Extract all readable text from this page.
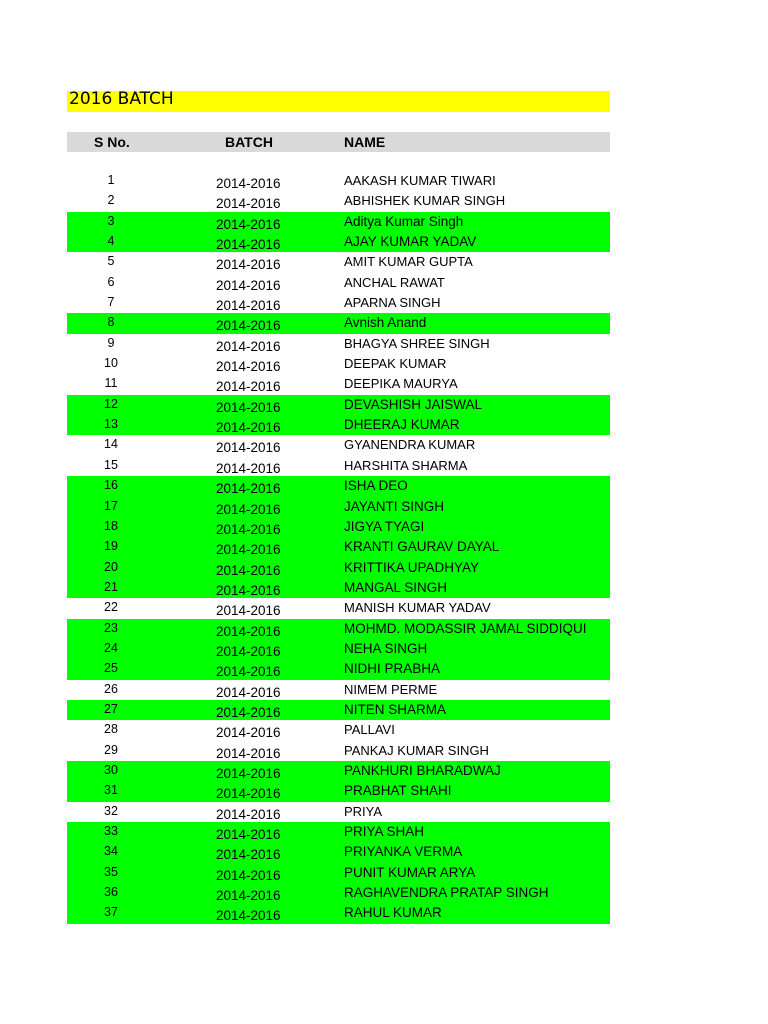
2016 BATCH
S No.	BATCH	NAME
1	2014-2016	AAKASH KUMAR TIWARI
2	2014-2016	ABHISHEK KUMAR SINGH
3	2014-2016	Aditya Kumar Singh
4	2014-2016	AJAY KUMAR YADAV
5	2014-2016	AMIT KUMAR GUPTA
6	2014-2016	ANCHAL RAWAT
7	2014-2016	APARNA SINGH
8	2014-2016	Avnish Anand
9	2014-2016	BHAGYA SHREE SINGH
10	2014-2016	DEEPAK KUMAR
11	2014-2016	DEEPIKA MAURYA
12	2014-2016	DEVASHISH JAISWAL
13	2014-2016	DHEERAJ KUMAR
14	2014-2016	GYANENDRA KUMAR
15	2014-2016	HARSHITA SHARMA
16	2014-2016	ISHA DEO
17	2014-2016	JAYANTI SINGH
18	2014-2016	JIGYA TYAGI
19	2014-2016	KRANTI GAURAV DAYAL
20	2014-2016	KRITTIKA UPADHYAY
21	2014-2016	MANGAL SINGH
22	2014-2016	MANISH KUMAR YADAV
23	2014-2016	MOHMD. MODASSIR JAMAL SIDDIQUI
24	2014-2016	NEHA SINGH
25	2014-2016	NIDHI PRABHA
26	2014-2016	NIMEM PERME
27	2014-2016	NITEN SHARMA
28	2014-2016	PALLAVI
29	2014-2016	PANKAJ KUMAR SINGH
30	2014-2016	PANKHURI BHARADWAJ
31	2014-2016	PRABHAT SHAHI
32	2014-2016	PRIYA
33	2014-2016	PRIYA SHAH
34	2014-2016	PRIYANKA VERMA
35	2014-2016	PUNIT KUMAR ARYA
36	2014-2016	RAGHAVENDRA PRATAP SINGH
37	2014-2016	RAHUL KUMAR
